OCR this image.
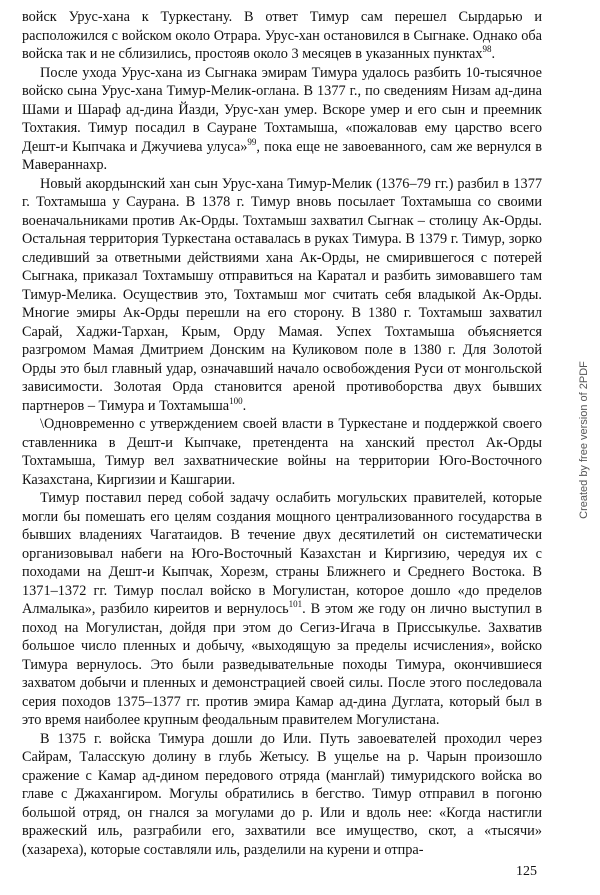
войск Урус-хана к Туркестану. В ответ Тимур сам перешел Сырдарью и расположился с войском около Отрара. Урус-хан остановился в Сыгнаке. Однако оба войска так и не сблизились, простояв около 3 месяцев в указанных пунктах$^{98}$.

После ухода Урус-хана из Сыгнака эмирам Тимура удалось разбить 10-тысячное войско сына Урус-хана Тимур-Мелик-оглана. В 1377 г., по сведениям Низам ад-дина Шами и Шараф ад-дина Йазди, Урус-хан умер. Вскоре умер и его сын и преемник Тохтакия. Тимур посадил в Сауране Тохтамыша, «пожаловав ему царство всего Дешт-и Кыпчака и Джучиева улуса»$^{99}$, пока еще не завоеванного, сам же вернулся в Мавераннахр.

Новый акордынский хан сын Урус-хана Тимур-Мелик (1376–79 гг.) разбил в 1377 г. Тохтамыша у Саурана. В 1378 г. Тимур вновь посылает Тохтамыша со своими военачальниками против Ак-Орды. Тохтамыш захватил Сыгнак – столицу Ак-Орды. Остальная территория Туркестана оставалась в руках Тимура. В 1379 г. Тимур, зорко следивший за ответными действиями хана Ак-Орды, не смирившегося с потерей Сыгнака, приказал Тохтамышу отправиться на Каратал и разбить зимовавшего там Тимур-Мелика. Осуществив это, Тохтамыш мог считать себя владыкой Ак-Орды. Многие эмиры Ак-Орды перешли на его сторону. В 1380 г. Тохтамыш захватил Сарай, Хаджи-Тархан, Крым, Орду Мамая. Успех Тохтамыша объясняется разгромом Мамая Дмитрием Донским на Куликовом поле в 1380 г. Для Золотой Орды это был главный удар, означавший начало освобождения Руси от монгольской зависимости. Золотая Орда становится ареной противоборства двух бывших партнеров – Тимура и Тохтамыша$^{100}$.

\Одновременно с утверждением своей власти в Туркестане и поддержкой своего ставленника в Дешт-и Кыпчаке, претендента на ханский престол Ак-Орды Тохтамыша, Тимур вел захватнические войны на территории Юго-Восточного Казахстана, Киргизии и Кашгарии.

Тимур поставил перед собой задачу ослабить могульских правителей, которые могли бы помешать его целям создания мощного централизованного государства в бывших владениях Чагатаидов. В течение двух десятилетий он систематически организовывал набеги на Юго-Восточный Казахстан и Киргизию, чередуя их с походами на Дешт-и Кыпчак, Хорезм, страны Ближнего и Среднего Востока. В 1371–1372 гг. Тимур послал войско в Могулистан, которое дошло «до пределов Алмалыка», разбило киреитов и вернулось$^{101}$. В этом же году он лично выступил в поход на Могулистан, дойдя при этом до Сегиз-Игача в Приссыкулье. Захватив большое число пленных и добычу, «выходящую за пределы исчисления», войско Тимура вернулось. Это были разведывательные походы Тимура, окончившиеся захватом добычи и пленных и демонстрацией своей силы. После этого последовала серия походов 1375–1377 гг. против эмира Камар ад-дина Дуглата, который был в это время наиболее крупным феодальным правителем Могулистана.

В 1375 г. войска Тимура дошли до Или. Путь завоевателей проходил через Сайрам, Таласскую долину в глубь Жетысу. В ущелье на р. Чарын произошло сражение с Камар ад-дином передового отряда (манглай) тимуридского войска во главе с Джахангиром. Могулы обратились в бегство. Тимур отправил в погоню большой отряд, он гнался за могулами до р. Или и вдоль нее: «Когда настигли вражеский иль, разграбили его, захватили все имущество, скот, а «тысячи» (хазареха), которые составляли иль, разделили на курени и отпра-

125
Created by free version of 2PDF
